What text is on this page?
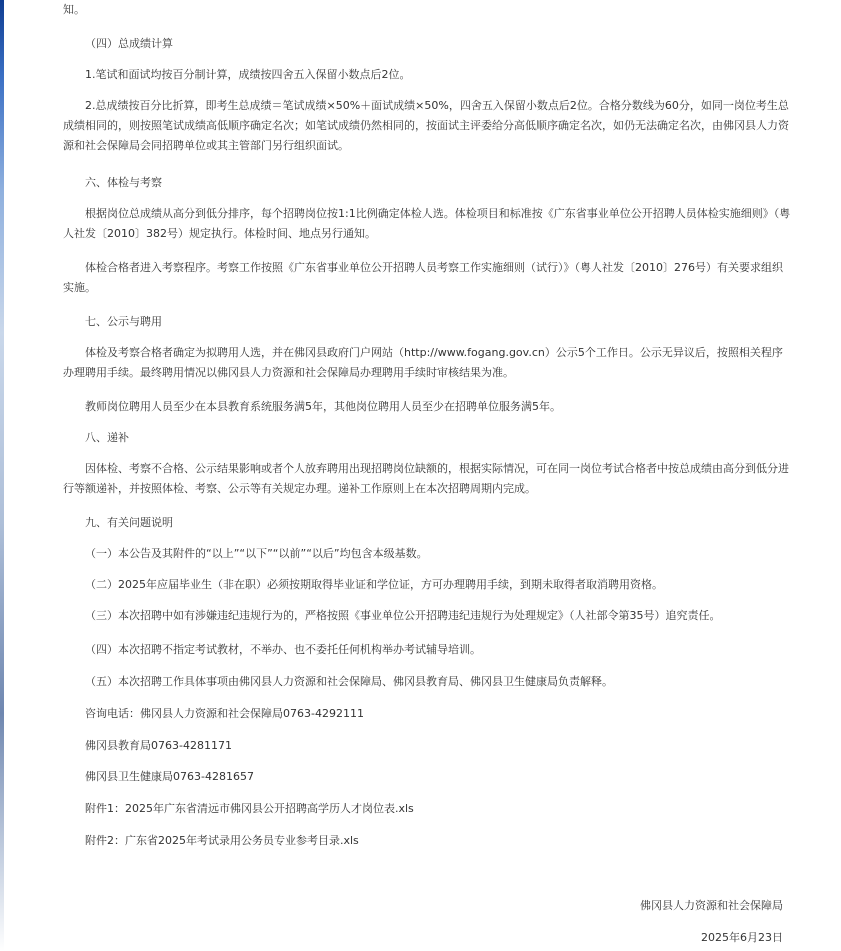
知。

（四）总成绩计算

1.笔试和面试均按百分制计算，成绩按四舍五入保留小数点后2位。

2.总成绩按百分比折算，即考生总成绩＝笔试成绩×50%＋面试成绩×50%，四舍五入保留小数点后2位。合格分数线为60分，如同一岗位考生总成绩相同的，则按照笔试成绩高低顺序确定名次；如笔试成绩仍然相同的，按面试主评委给分高低顺序确定名次，如仍无法确定名次，由佛冈县人力资源和社会保障局会同招聘单位或其主管部门另行组织面试。

六、体检与考察

根据岗位总成绩从高分到低分排序，每个招聘岗位按1:1比例确定体检人选。体检项目和标准按《广东省事业单位公开招聘人员体检实施细则》（粤人社发〔2010〕382号）规定执行。体检时间、地点另行通知。

体检合格者进入考察程序。考察工作按照《广东省事业单位公开招聘人员考察工作实施细则（试行）》（粤人社发〔2010〕276号）有关要求组织实施。

七、公示与聘用

体检及考察合格者确定为拟聘用人选，并在佛冈县政府门户网站（http://www.fogang.gov.cn）公示5个工作日。公示无异议后，按照相关程序办理聘用手续。最终聘用情况以佛冈县人力资源和社会保障局办理聘用手续时审核结果为准。

教师岗位聘用人员至少在本县教育系统服务满5年，其他岗位聘用人员至少在招聘单位服务满5年。

八、递补

因体检、考察不合格、公示结果影响或者个人放弃聘用出现招聘岗位缺额的，根据实际情况，可在同一岗位考试合格者中按总成绩由高分到低分进行等额递补，并按照体检、考察、公示等有关规定办理。递补工作原则上在本次招聘周期内完成。

九、有关问题说明

（一）本公告及其附件的“以上”“以下”“以前”“以后”均包含本级基数。

（二）2025年应届毕业生（非在职）必须按期取得毕业证和学位证，方可办理聘用手续，到期未取得者取消聘用资格。

（三）本次招聘中如有涉嫌违纪违规行为的，严格按照《事业单位公开招聘违纪违规行为处理规定》（人社部令第35号）追究责任。

（四）本次招聘不指定考试教材，不举办、也不委托任何机构举办考试辅导培训。

（五）本次招聘工作具体事项由佛冈县人力资源和社会保障局、佛冈县教育局、佛冈县卫生健康局负责解释。

咨询电话：佛冈县人力资源和社会保障局0763-4292111

佛冈县教育局0763-4281171

佛冈县卫生健康局0763-4281657

附件1：2025年广东省清远市佛冈县公开招聘高学历人才岗位表.xls

附件2：广东省2025年考试录用公务员专业参考目录.xls

佛冈县人力资源和社会保障局
2025年6月23日
